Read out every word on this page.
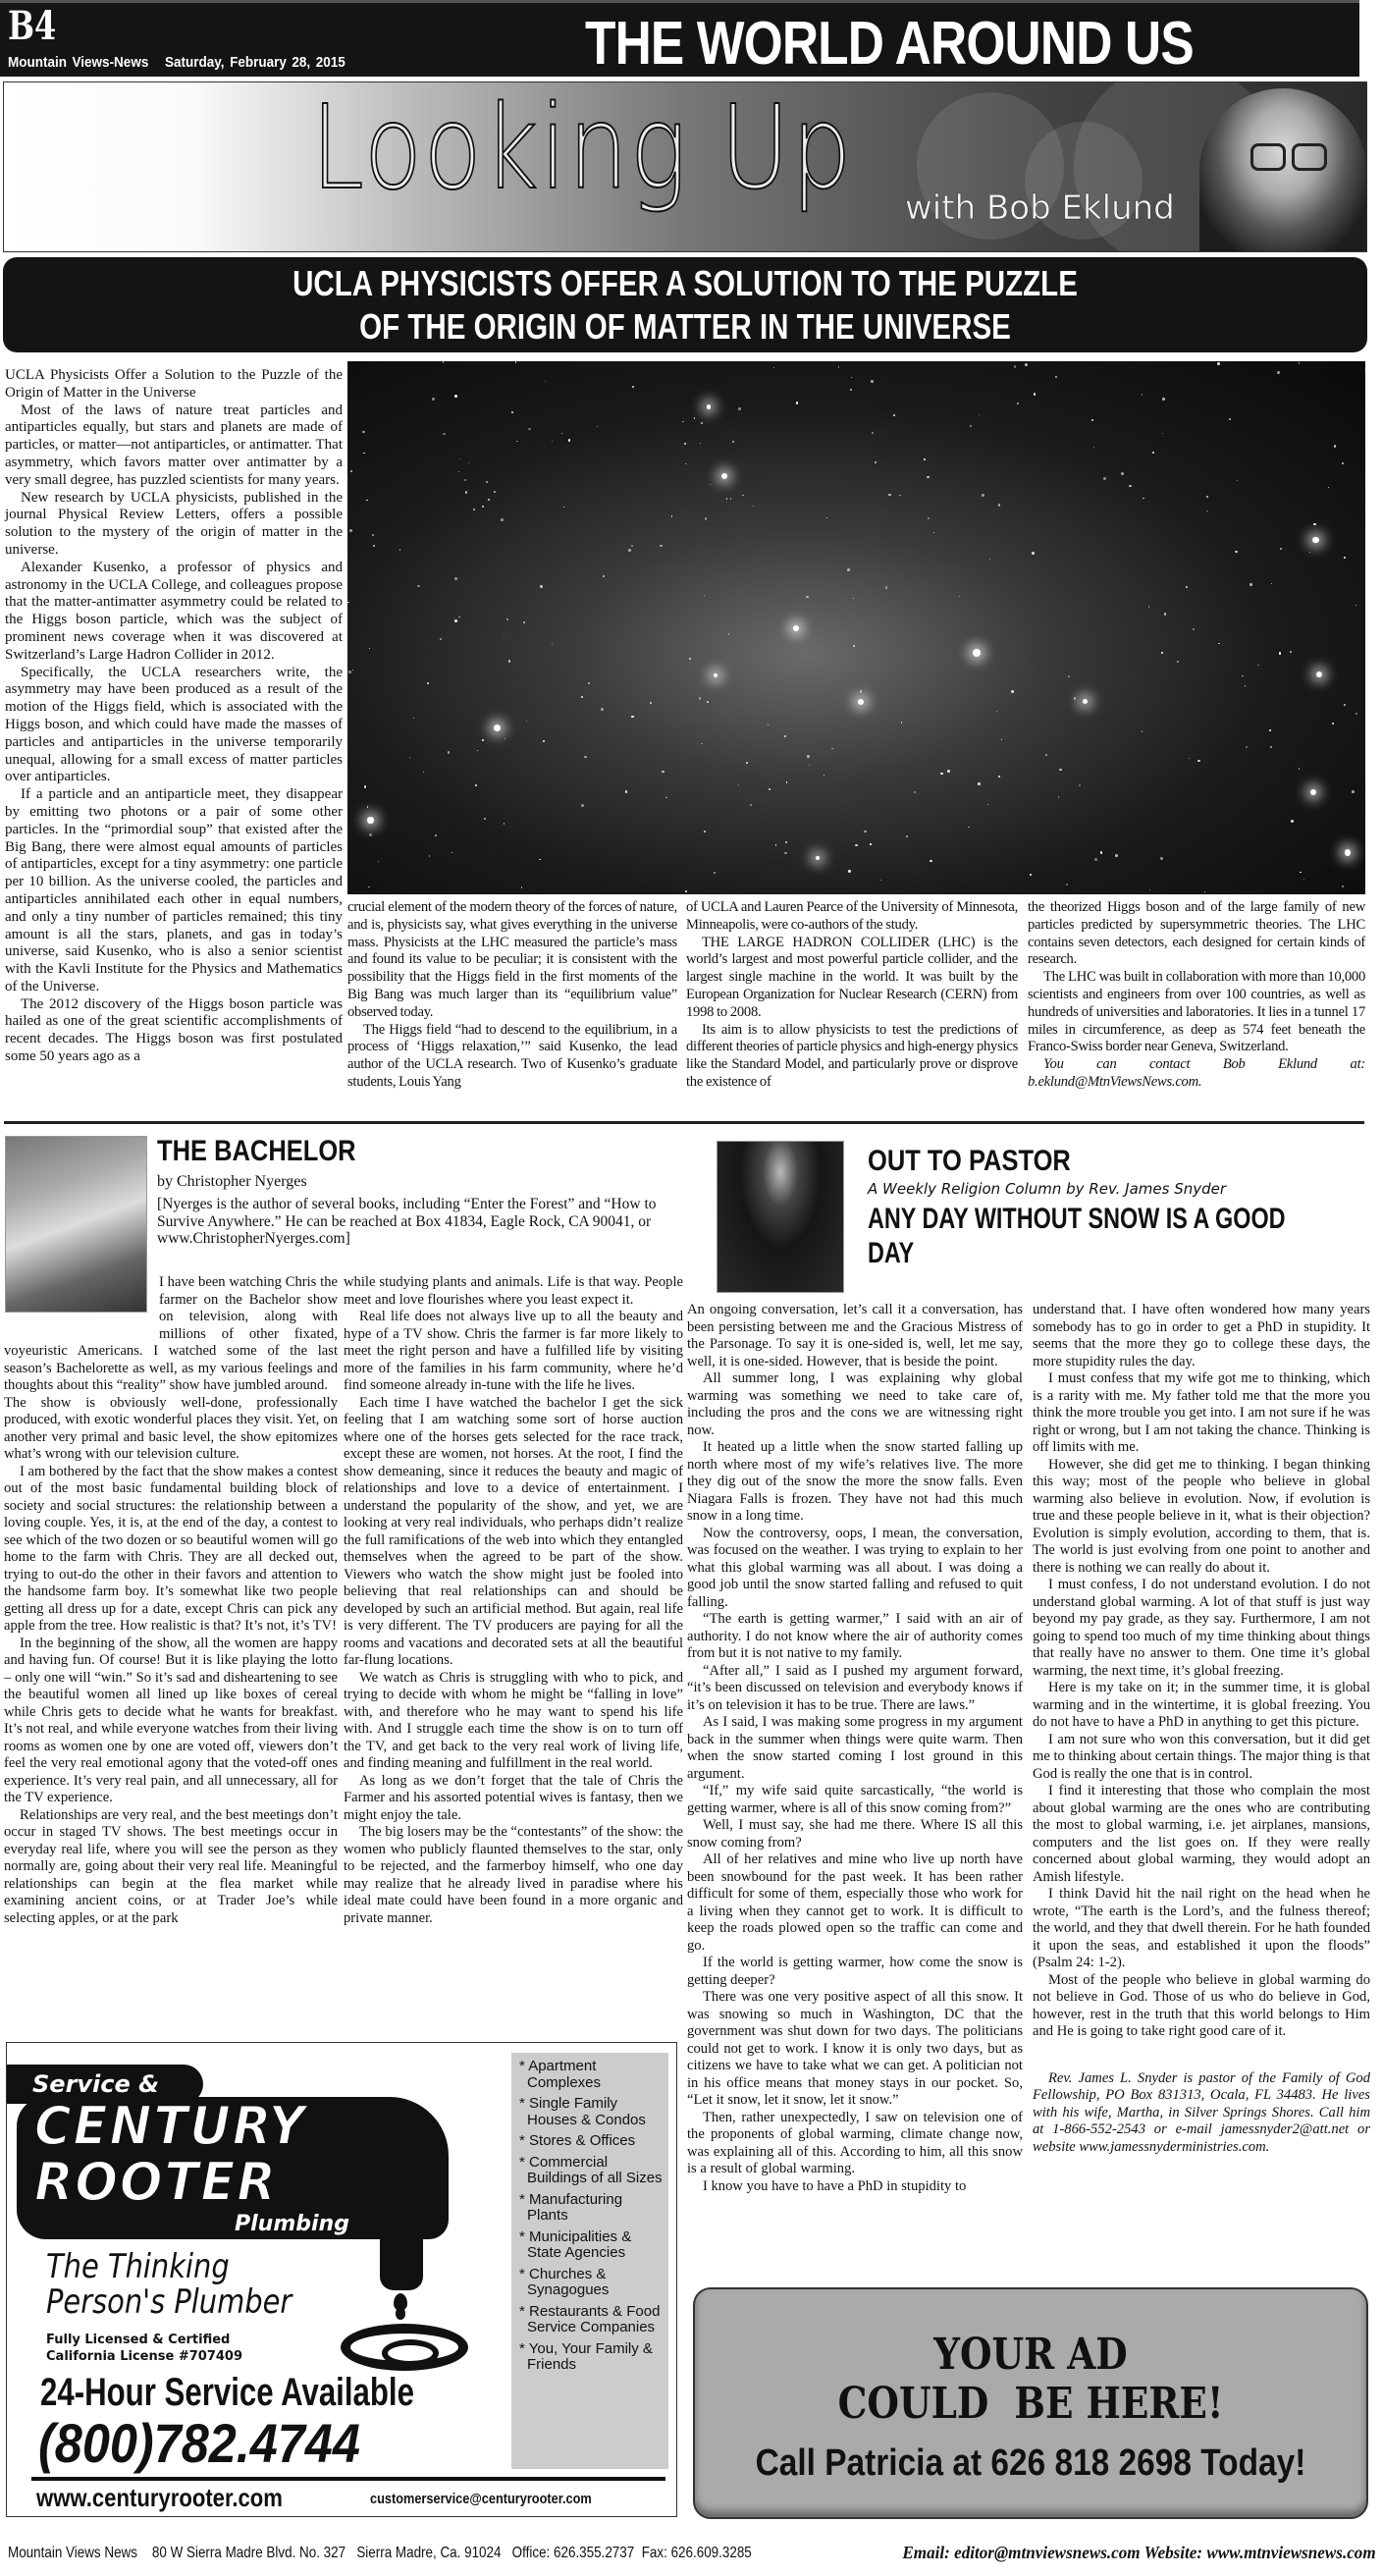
B4
Mountain Views-News Saturday, February 28, 2015	THE WORLD AROUND US
Looking Up with Bob Eklund
UCLA PHYSICISTS OFFER A SOLUTION TO THE PUZZLE
OF THE ORIGIN OF MATTER IN THE UNIVERSE

UCLA Physicists Offer a Solution to the Puzzle of the Origin of Matter in the Universe

Most of the laws of nature treat particles and antiparticles equally, but stars and planets are made of particles, or matter—not antiparticles, or antimatter. That asymmetry, which favors matter over antimatter by a very small degree, has puzzled scientists for many years.

New research by UCLA physicists, published in the journal Physical Review Letters, offers a possible solution to the mystery of the origin of matter in the universe.

Alexander Kusenko, a professor of physics and astronomy in the UCLA College, and colleagues propose that the matter-antimatter asymmetry could be related to the Higgs boson particle, which was the subject of prominent news coverage when it was discovered at Switzerland’s Large Hadron Collider in 2012.

Specifically, the UCLA researchers write, the asymmetry may have been produced as a result of the motion of the Higgs field, which is associated with the Higgs boson, and which could have made the masses of particles and antiparticles in the universe temporarily unequal, allowing for a small excess of matter particles over antiparticles.

If a particle and an antiparticle meet, they disappear by emitting two photons or a pair of some other particles. In the “primordial soup” that existed after the Big Bang, there were almost equal amounts of particles of antiparticles, except for a tiny asymmetry: one particle per 10 billion. As the universe cooled, the particles and antiparticles annihilated each other in equal numbers, and only a tiny number of particles remained; this tiny amount is all the stars, planets, and gas in today’s universe, said Kusenko, who is also a senior scientist with the Kavli Institute for the Physics and Mathematics of the Universe.

The 2012 discovery of the Higgs boson particle was hailed as one of the great scientific accomplishments of recent decades. The Higgs boson was first postulated some 50 years ago as a

crucial element of the modern theory of the forces of nature, and is, physicists say, what gives everything in the universe mass. Physicists at the LHC measured the particle’s mass and found its value to be peculiar; it is consistent with the possibility that the Higgs field in the first moments of the Big Bang was much larger than its “equilibrium value” observed today.

The Higgs field “had to descend to the equilibrium, in a process of ‘Higgs relaxation,’” said Kusenko, the lead author of the UCLA research. Two of Kusenko’s graduate students, Louis Yang

of UCLA and Lauren Pearce of the University of Minnesota, Minneapolis, were co-authors of the study.

THE LARGE HADRON COLLIDER (LHC) is the world’s largest and most powerful particle collider, and the largest single machine in the world. It was built by the European Organization for Nuclear Research (CERN) from 1998 to 2008.

Its aim is to allow physicists to test the predictions of different theories of particle physics and high-energy physics like the Standard Model, and particularly prove or disprove the existence of

the theorized Higgs boson and of the large family of new particles predicted by supersymmetric theories. The LHC contains seven detectors, each designed for certain kinds of research.

The LHC was built in collaboration with more than 10,000 scientists and engineers from over 100 countries, as well as hundreds of universities and laboratories. It lies in a tunnel 17 miles in circumference, as deep as 574 feet beneath the Franco-Swiss border near Geneva, Switzerland.

You can contact Bob Eklund at: b.eklund@MtnViewsNews.com.

THE BACHELOR
by Christopher Nyerges
[Nyerges is the author of several books, including “Enter the Forest” and “How to Survive Anywhere.” He can be reached at Box 41834, Eagle Rock, CA 90041, or www.ChristopherNyerges.com]

I have been watching Chris the farmer on the Bachelor show on television, along with millions of other fixated, voyeuristic Americans. I watched some of the last season’s Bachelorette as well, as my various feelings and thoughts about this “reality” show have jumbled around.

The show is obviously well-done, professionally produced, with exotic wonderful places they visit. Yet, on another very primal and basic level, the show epitomizes what’s wrong with our television culture.

I am bothered by the fact that the show makes a contest out of the most basic fundamental building block of society and social structures: the relationship between a loving couple. Yes, it is, at the end of the day, a contest to see which of the two dozen or so beautiful women will go home to the farm with Chris. They are all decked out, trying to out-do the other in their favors and attention to the handsome farm boy. It’s somewhat like two people getting all dress up for a date, except Chris can pick any apple from the tree. How realistic is that? It’s not, it’s TV!

In the beginning of the show, all the women are happy and having fun. Of course! But it is like playing the lotto – only one will “win.” So it’s sad and disheartening to see the beautiful women all lined up like boxes of cereal while Chris gets to decide what he wants for breakfast. It’s not real, and while everyone watches from their living rooms as women one by one are voted off, viewers don’t feel the very real emotional agony that the voted-off ones experience. It’s very real pain, and all unnecessary, all for the TV experience.

Relationships are very real, and the best meetings don’t occur in staged TV shows. The best meetings occur in everyday real life, where you will see the person as they normally are, going about their very real life. Meaningful relationships can begin at the flea market while examining ancient coins, or at Trader Joe’s while selecting apples, or at the park

while studying plants and animals. Life is that way. People meet and love flourishes where you least expect it.

Real life does not always live up to all the beauty and hype of a TV show. Chris the farmer is far more likely to meet the right person and have a fulfilled life by visiting more of the families in his farm community, where he’d find someone already in-tune with the life he lives.

Each time I have watched the bachelor I get the sick feeling that I am watching some sort of horse auction where one of the horses gets selected for the race track, except these are women, not horses. At the root, I find the show demeaning, since it reduces the beauty and magic of relationships and love to a device of entertainment. I understand the popularity of the show, and yet, we are looking at very real individuals, who perhaps didn’t realize the full ramifications of the web into which they entangled themselves when the agreed to be part of the show. Viewers who watch the show might just be fooled into believing that real relationships can and should be developed by such an artificial method. But again, real life is very different. The TV producers are paying for all the rooms and vacations and decorated sets at all the beautiful far-flung locations.

We watch as Chris is struggling with who to pick, and trying to decide with whom he might be “falling in love” with, and therefore who he may want to spend his life with. And I struggle each time the show is on to turn off the TV, and get back to the very real work of living life, and finding meaning and fulfillment in the real world.

As long as we don’t forget that the tale of Chris the Farmer and his assorted potential wives is fantasy, then we might enjoy the tale.

The big losers may be the “contestants” of the show: the women who publicly flaunted themselves to the star, only to be rejected, and the farmerboy himself, who one day may realize that he already lived in paradise where his ideal mate could have been found in a more organic and private manner.

OUT TO PASTOR
A Weekly Religion Column by Rev. James Snyder
ANY DAY WITHOUT SNOW IS A GOOD DAY

An ongoing conversation, let’s call it a conversation, has been persisting between me and the Gracious Mistress of the Parsonage. To say it is one-sided is, well, let me say, well, it is one-sided. However, that is beside the point.

All summer long, I was explaining why global warming was something we need to take care of, including the pros and the cons we are witnessing right now.

It heated up a little when the snow started falling up north where most of my wife’s relatives live. The more they dig out of the snow the more the snow falls. Even Niagara Falls is frozen. They have not had this much snow in a long time.

Now the controversy, oops, I mean, the conversation, was focused on the weather. I was trying to explain to her what this global warming was all about. I was doing a good job until the snow started falling and refused to quit falling.

“The earth is getting warmer,” I said with an air of authority. I do not know where the air of authority comes from but it is not native to my family.

“After all,” I said as I pushed my argument forward, “it’s been discussed on television and everybody knows if it’s on television it has to be true. There are laws.”

As I said, I was making some progress in my argument back in the summer when things were quite warm. Then when the snow started coming I lost ground in this argument.

“If,” my wife said quite sarcastically, “the world is getting warmer, where is all of this snow coming from?”

Well, I must say, she had me there. Where IS all this snow coming from?

All of her relatives and mine who live up north have been snowbound for the past week. It has been rather difficult for some of them, especially those who work for a living when they cannot get to work. It is difficult to keep the roads plowed open so the traffic can come and go.

If the world is getting warmer, how come the snow is getting deeper?

There was one very positive aspect of all this snow. It was snowing so much in Washington, DC that the government was shut down for two days. The politicians could not get to work. I know it is only two days, but as citizens we have to take what we can get. A politician not in his office means that money stays in our pocket. So, “Let it snow, let it snow, let it snow.”

Then, rather unexpectedly, I saw on television one of the proponents of global warming, climate change now, was explaining all of this. According to him, all this snow is a result of global warming.

I know you have to have a PhD in stupidity to

understand that. I have often wondered how many years somebody has to go in order to get a PhD in stupidity. It seems that the more they go to college these days, the more stupidity rules the day.

I must confess that my wife got me to thinking, which is a rarity with me. My father told me that the more you think the more trouble you get into. I am not sure if he was right or wrong, but I am not taking the chance. Thinking is off limits with me.

However, she did get me to thinking. I began thinking this way; most of the people who believe in global warming also believe in evolution. Now, if evolution is true and these people believe in it, what is their objection? Evolution is simply evolution, according to them, that is. The world is just evolving from one point to another and there is nothing we can really do about it.

I must confess, I do not understand evolution. I do not understand global warming. A lot of that stuff is just way beyond my pay grade, as they say. Furthermore, I am not going to spend too much of my time thinking about things that really have no answer to them. One time it’s global warming, the next time, it’s global freezing.

Here is my take on it; in the summer time, it is global warming and in the wintertime, it is global freezing. You do not have to have a PhD in anything to get this picture.

I am not sure who won this conversation, but it did get me to thinking about certain things. The major thing is that God is really the one that is in control.

I find it interesting that those who complain the most about global warming are the ones who are contributing the most to global warming, i.e. jet airplanes, mansions, computers and the list goes on. If they were really concerned about global warming, they would adopt an Amish lifestyle.

I think David hit the nail right on the head when he wrote, “The earth is the Lord’s, and the fulness thereof; the world, and they that dwell therein. For he hath founded it upon the seas, and established it upon the floods” (Psalm 24: 1-2).

Most of the people who believe in global warming do not believe in God. Those of us who do believe in God, however, rest in the truth that this world belongs to Him and He is going to take right good care of it.

Rev. James L. Snyder is pastor of the Family of God Fellowship, PO Box 831313, Ocala, FL 34483. He lives with his wife, Martha, in Silver Springs Shores. Call him at 1-866-552-2543 or e-mail jamessnyder2@att.net or website www.jamessnyderministries.com.

Service &
CENTURY
ROOTER
Plumbing
The Thinking
Person's Plumber
Fully Licensed & Certified
California License #707409
24-Hour Service Available
(800)782.4744
* Apartment Complexes
* Single Family Houses & Condos
* Stores & Offices
* Commercial Buildings of all Sizes
* Manufacturing Plants
* Municipalities & State Agencies
* Churches & Synagogues
* Restaurants & Food Service Companies
* You, Your Family & Friends
www.centuryrooter.com	customerservice@centuryrooter.com
YOUR AD
COULD  BE HERE!
Call Patricia at 626 818 2698 Today!
Mountain Views News    80 W Sierra Madre Blvd. No. 327   Sierra Madre, Ca. 91024   Office: 626.355.2737  Fax: 626.609.3285	Email: editor@mtnviewsnews.com Website: www.mtnviewsnews.com
